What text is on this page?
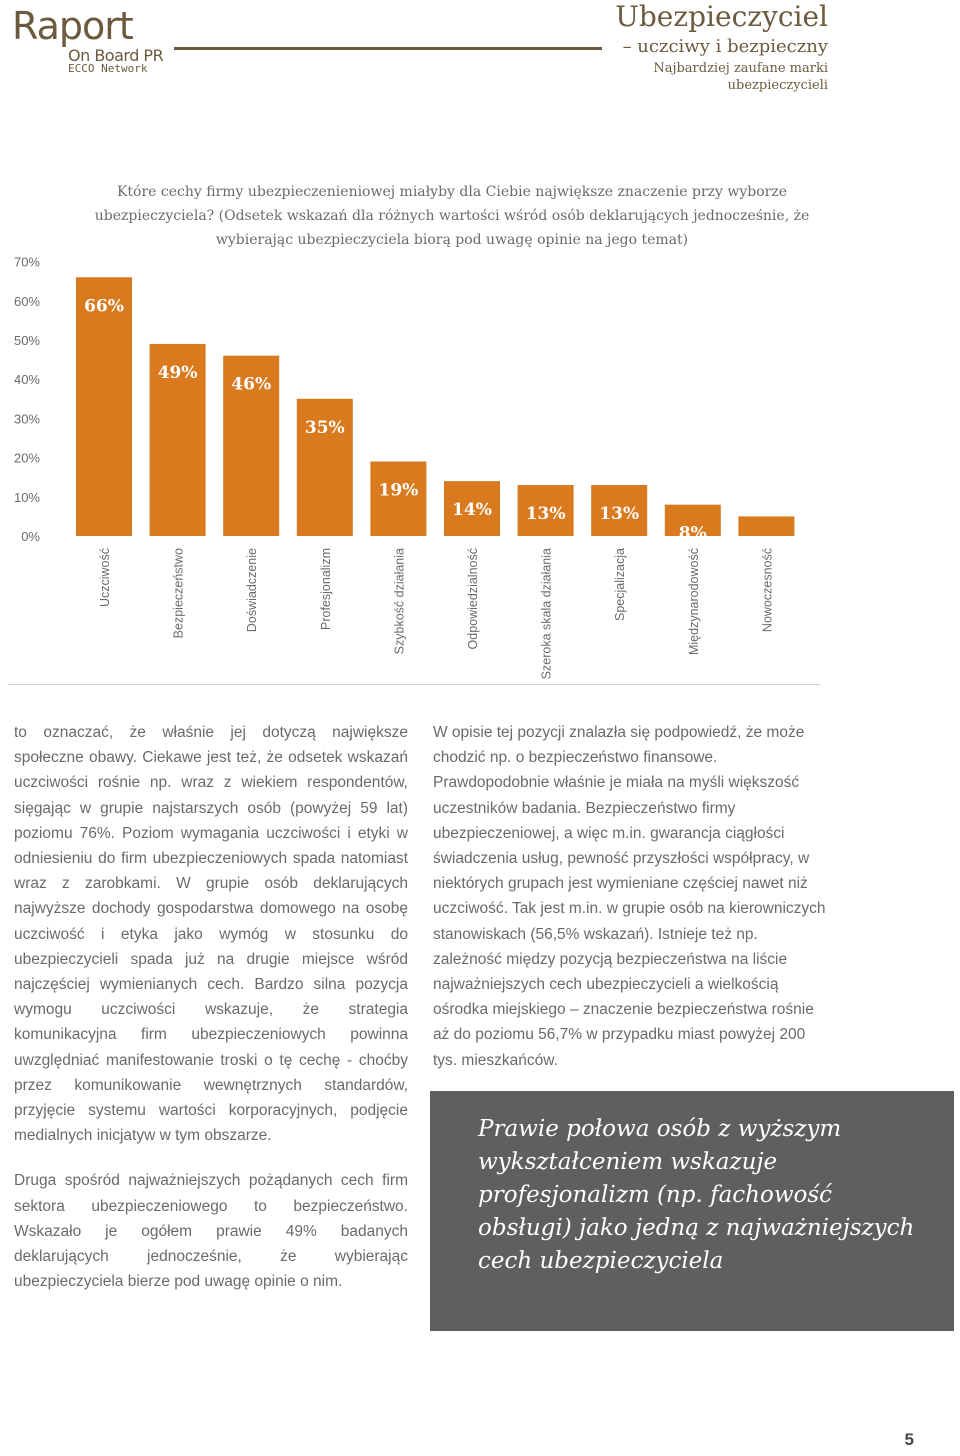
Raport
On Board PR
ECCO Network
Ubezpieczyciel
– uczciwy i bezpieczny
Najbardziej zaufane marki ubezpieczycieli
Które cechy firmy ubezpieczenieniowej miałyby dla Ciebie największe znaczenie przy wyborze ubezpieczyciela? (Odsetek wskazań dla różnych wartości wśród osób deklarujących jednocześnie, że wybierając ubezpieczyciela biorą pod uwagę opinie na jego temat)
0%
10%
20%
30%
40%
50%
60%
70%
66%
Uczciwość
49%
Bezpieczeństwo
46%
Doświadczenie
35%
Profesjonalizm
19%
Szybkość działania
14%
Odpowiedzialność
13%
Szeroka skala działania
13%
Specjalizacja
8%
Międzynarodowość
5%
Nowoczesność

to oznaczać, że właśnie jej dotyczą największe społeczne obawy. Ciekawe jest też, że odsetek wskazań uczciwości rośnie np. wraz z wiekiem respondentów, sięgając w grupie najstarszych osób (powyżej 59 lat) poziomu 76%. Poziom wymagania uczciwości i etyki w odniesieniu do firm ubezpieczeniowych spada natomiast wraz z zarobkami. W grupie osób deklarujących najwyższe dochody gospodarstwa domowego na osobę uczciwość i etyka jako wymóg w stosunku do ubezpieczycieli spada już na drugie miejsce wśród najczęściej wymienianych cech. Bardzo silna pozycja wymogu uczciwości wskazuje, że strategia komunikacyjna firm ubezpieczeniowych powinna uwzględniać manifestowanie troski o tę cechę - choćby przez komunikowanie wewnętrznych standardów, przyjęcie systemu wartości korporacyjnych, podjęcie medialnych inicjatyw w tym obszarze.

Druga spośród najważniejszych pożądanych cech firm sektora ubezpieczeniowego to bezpieczeństwo. Wskazało je ogółem prawie 49% badanych deklarujących jednocześnie, że wybierając ubezpieczyciela bierze pod uwagę opinie o nim.

W opisie tej pozycji znalazła się podpowiedź, że może chodzić np. o bezpieczeństwo finansowe. Prawdopodobnie właśnie je miała na myśli większość uczestników badania. Bezpieczeństwo firmy ubezpieczeniowej, a więc m.in. gwarancja ciągłości świadczenia usług, pewność przyszłości współpracy, w niektórych grupach jest wymieniane częściej nawet niż uczciwość. Tak jest m.in. w grupie osób na kierowniczych stanowiskach (56,5% wskazań). Istnieje też np. zależność między pozycją bezpieczeństwa na liście najważniejszych cech ubezpieczycieli a wielkością ośrodka miejskiego – znaczenie bezpieczeństwa rośnie aż do poziomu 56,7% w przypadku miast powyżej 200 tys. mieszkańców.

Prawie połowa osób z wyższym wykształceniem wskazuje profesjonalizm (np. fachowość obsługi) jako jedną z najważniejszych cech ubezpieczyciela
5
